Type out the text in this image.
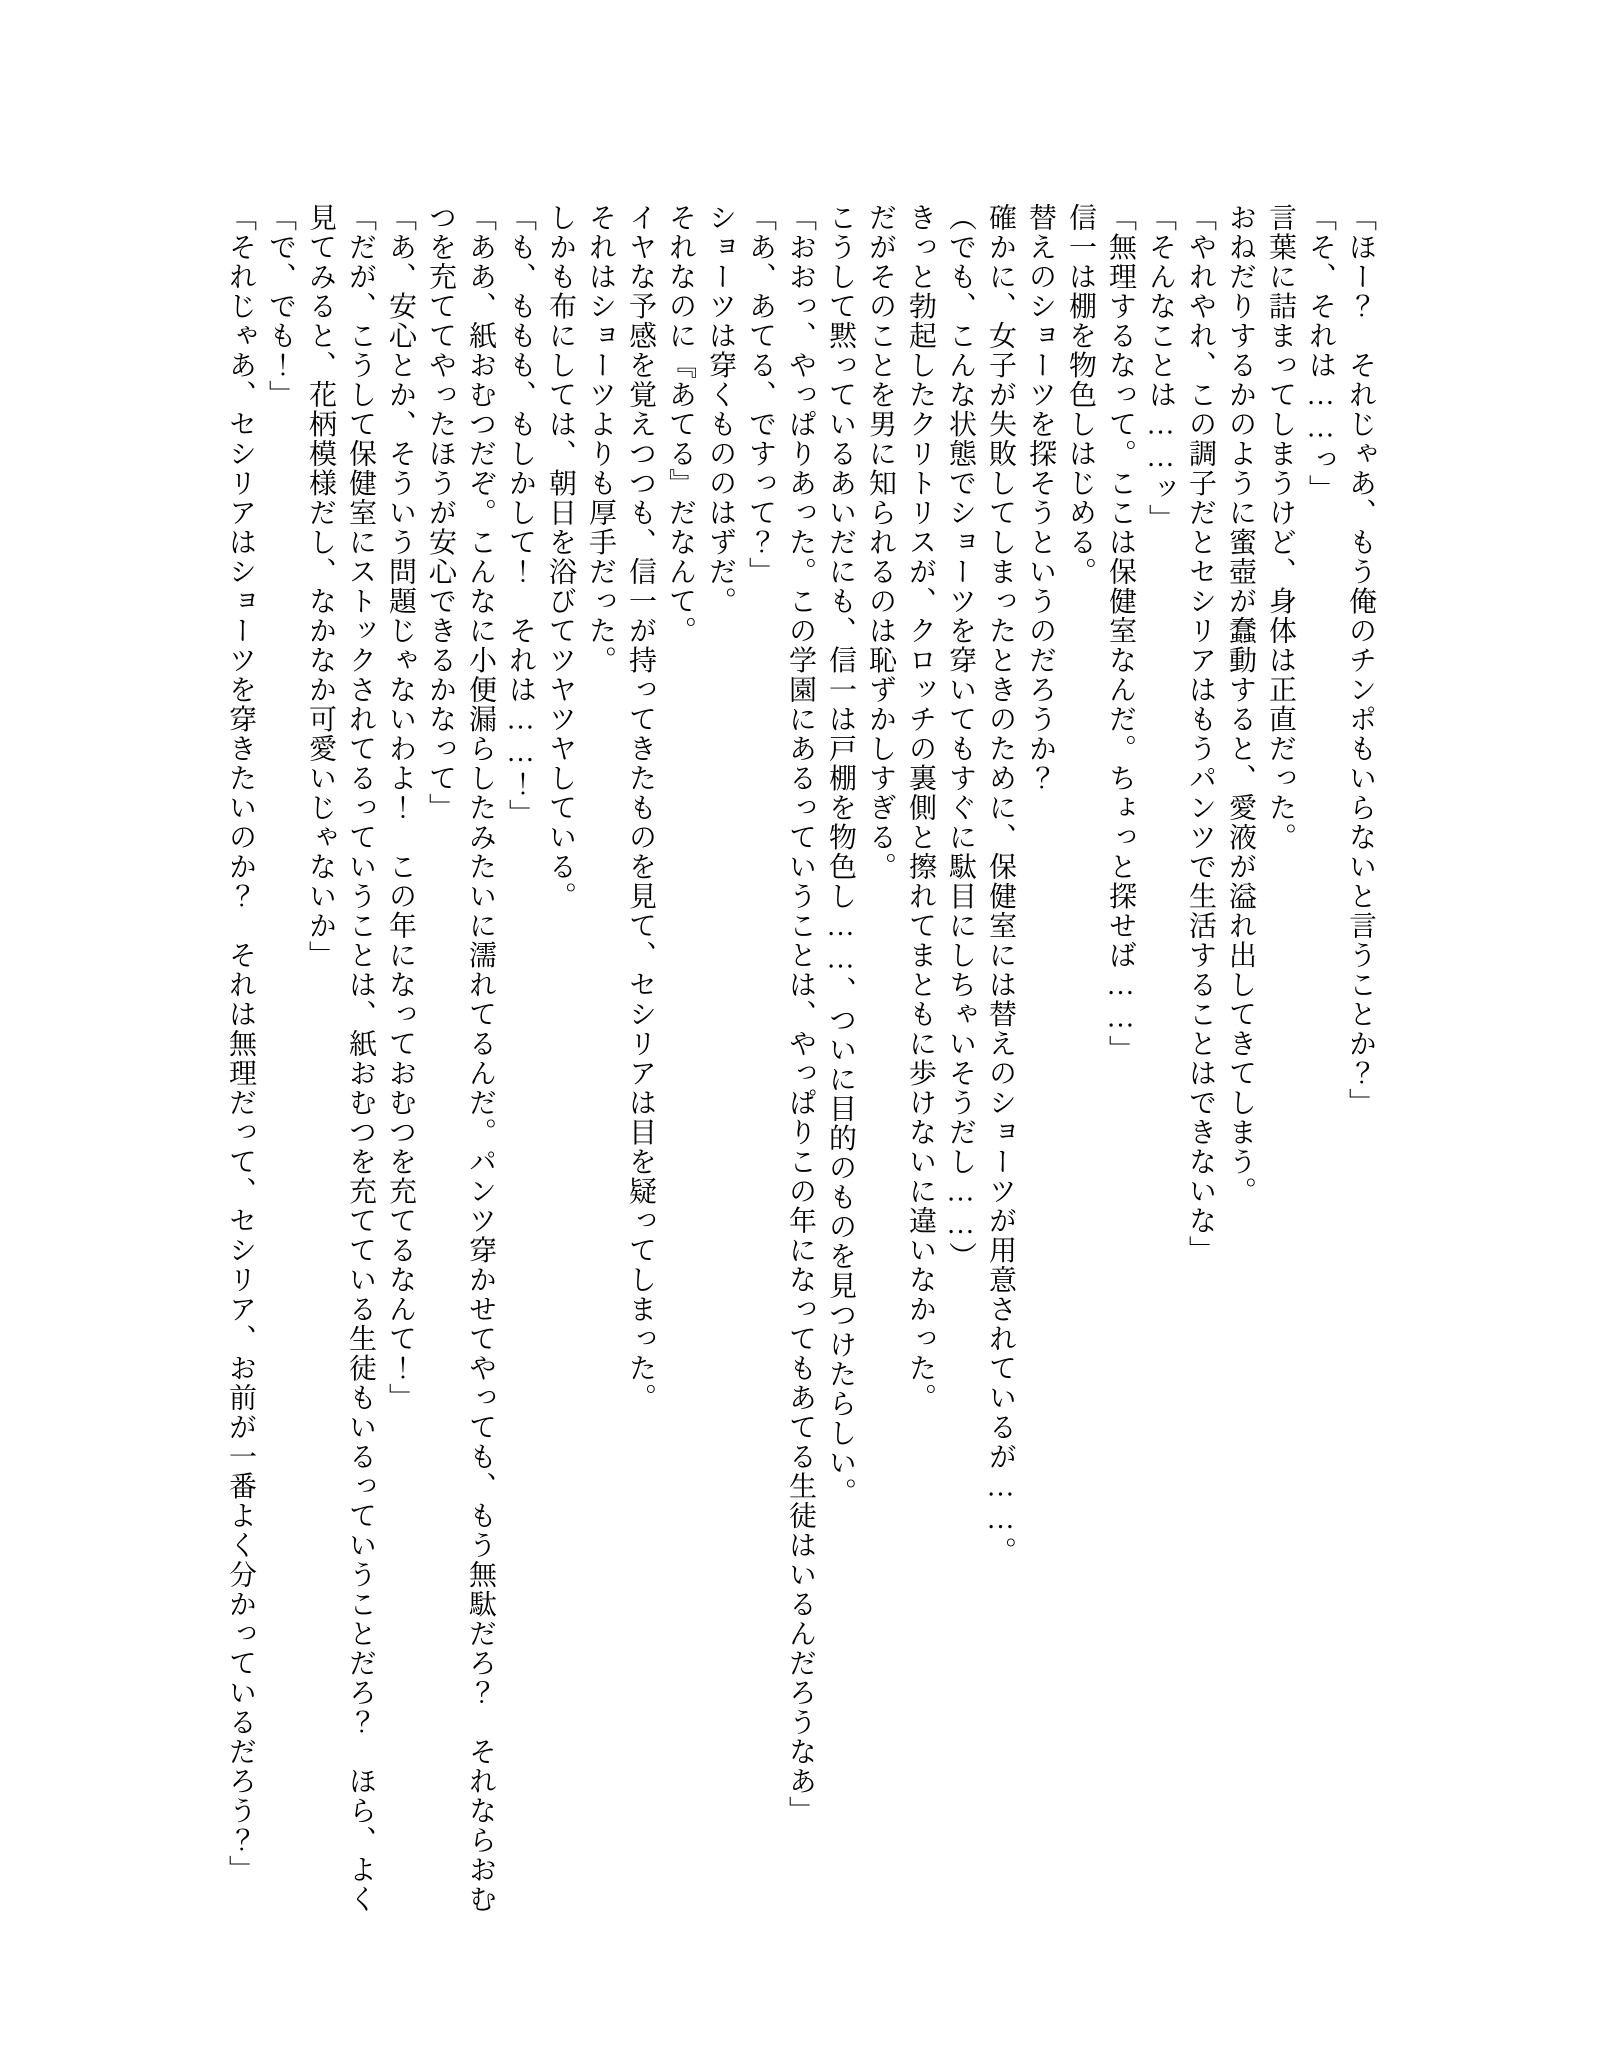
「ほー？　それじゃあ、もう俺のチンポもいらないと言うことか？」

「そ、それは……っ」

言葉に詰まってしまうけど、身体は正直だった。

おねだりするかのように蜜壺が蠢動すると、愛液が溢れ出してきてしまう。

「やれやれ、この調子だとセシリアはもうパンツで生活することはできないな」

「そんなことは……ッ」

「無理するなって。ここは保健室なんだ。ちょっと探せば……」

信一は棚を物色しはじめる。

替えのショーツを探そうというのだろうか？

確かに、女子が失敗してしまったときのために、保健室には替えのショーツが用意されているが……。

（でも、こんな状態でショーツを穿いてもすぐに駄目にしちゃいそうだし……）

きっと勃起したクリトリスが、クロッチの裏側と擦れてまともに歩けないに違いなかった。

だがそのことを男に知られるのは恥ずかしすぎる。

こうして黙っているあいだにも、信一は戸棚を物色し……、ついに目的のものを見つけたらしい。

「おおっ、やっぱりあった。この学園にあるっていうことは、やっぱりこの年になってもあてる生徒はいるんだろうなあ」

「あ、あてる、ですって？」

ショーツは穿くもののはずだ。

それなのに『あてる』だなんて。

イヤな予感を覚えつつも、信一が持ってきたものを見て、セシリアは目を疑ってしまった。

それはショーツよりも厚手だった。

しかも布にしては、朝日を浴びてツヤツヤしている。

「も、ももも、もしかして！　それは……！」

「ああ、紙おむつだぞ。こんなに小便漏らしたみたいに濡れてるんだ。パンツ穿かせてやっても、もう無駄だろ？　それならおむつを充ててやったほうが安心できるかなって」

「あ、安心とか、そういう問題じゃないわよ！　この年になっておむつを充てるなんて！」

「だが、こうして保健室にストックされてるっていうことは、紙おむつを充てている生徒もいるっていうことだろ？　ほら、よく見てみると、花柄模様だし、なかなか可愛いじゃないか」

「で、でも！」

「それじゃあ、セシリアはショーツを穿きたいのか？　それは無理だって、セシリア、お前が一番よく分かっているだろう？」
